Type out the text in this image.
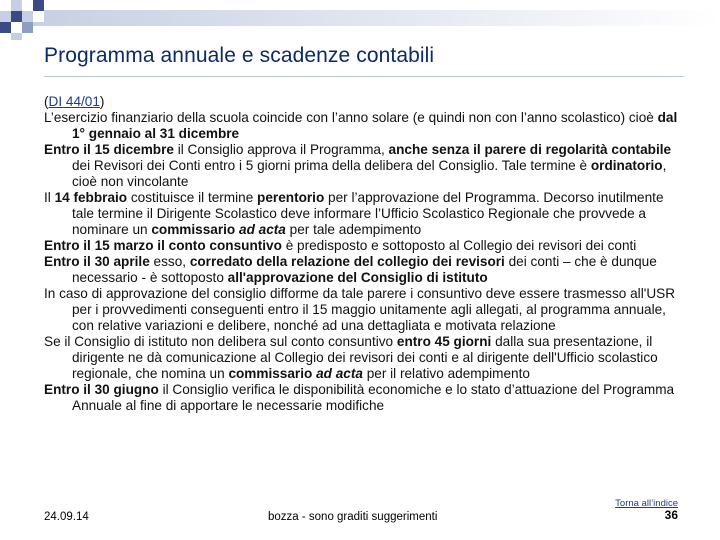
Programma annuale e scadenze contabili

(DI 44/01)

L’esercizio finanziario della scuola coincide con l’anno solare (e quindi non con l’anno scolastico) cioè dal 1° gennaio al 31 dicembre

Entro il 15 dicembre il Consiglio approva il Programma, anche senza il parere di regolarità contabile dei Revisori dei Conti entro i 5 giorni prima della delibera del Consiglio. Tale termine è ordinatorio, cioè non vincolante

Il 14 febbraio costituisce il termine perentorio per l’approvazione del Programma. Decorso inutilmente tale termine il Dirigente Scolastico deve informare l’Ufficio Scolastico Regionale che provvede a nominare un commissario ad acta per tale adempimento

Entro il 15 marzo il conto consuntivo è predisposto e sottoposto al Collegio dei revisori dei conti

Entro il 30 aprile esso, corredato della relazione del collegio dei revisori dei conti – che è dunque necessario - è sottoposto all'approvazione del Consiglio di istituto

In caso di approvazione del consiglio difforme da tale parere i consuntivo deve essere trasmesso all'USR per i provvedimenti conseguenti entro il 15 maggio unitamente agli allegati, al programma annuale, con relative variazioni e delibere, nonché ad una dettagliata e motivata relazione

Se il Consiglio di istituto non delibera sul conto consuntivo entro 45 giorni dalla sua presentazione, il dirigente ne dà comunicazione al Collegio dei revisori dei conti e al dirigente dell'Ufficio scolastico regionale, che nomina un commissario ad acta per il relativo adempimento

Entro il 30 giugno il Consiglio verifica le disponibilità economiche e lo stato d’attuazione del Programma Annuale al fine di apportare le necessarie modifiche

24.09.14	bozza - sono graditi suggerimenti
Torna all’indice
36
